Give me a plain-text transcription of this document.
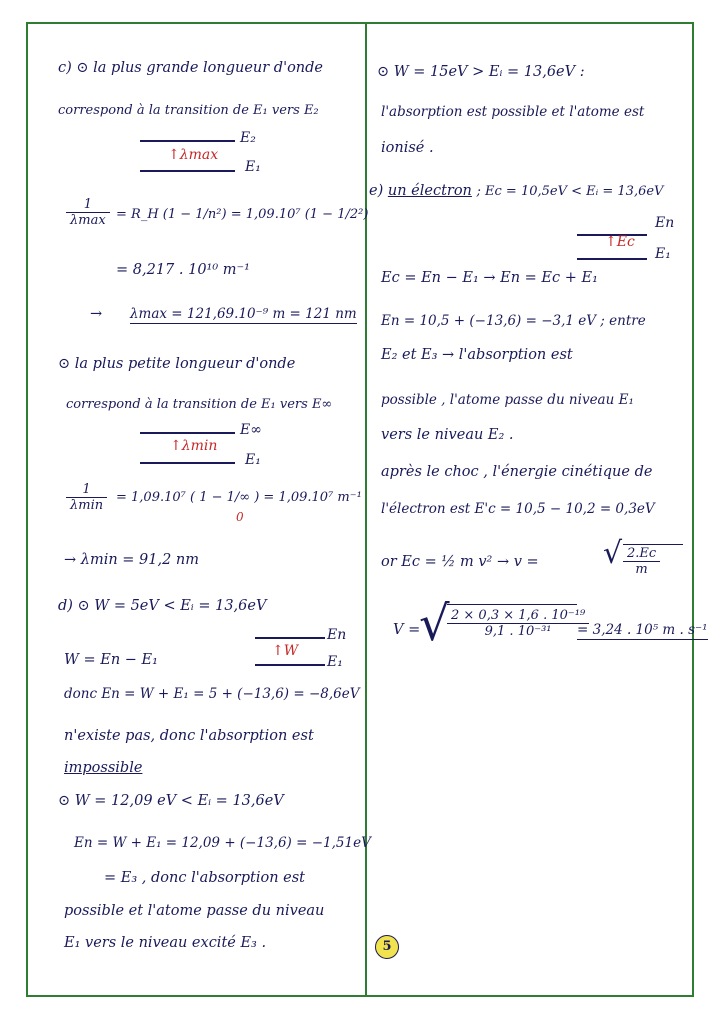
c) ⊙ la plus grande longueur d'onde
correspond à la transition de E₁ vers E₂
E₂
↑λmax
E₁
1
λmax = R_H (1 − 1/n²) = 1,09.10⁷ (1 − 1/2²)
= 8,217 . 10¹⁰ m⁻¹
→ λmax = 121,69.10⁻⁹ m = 121 nm
⊙ la plus petite longueur d'onde
correspond à la transition de E₁ vers E∞
E∞
↑λmin
E₁
1
λmin
= 1,09.10⁷ ( 1 − 1/∞ ) = 1,09.10⁷ m⁻¹
0
→ λmin = 91,2 nm
d) ⊙ W = 5eV < Eᵢ = 13,6eV
En
↑W
E₁
W = En − E₁
donc En = W + E₁ = 5 + (−13,6) = −8,6eV
n'existe pas, donc l'absorption est
impossible
⊙ W = 12,09 eV < Eᵢ = 13,6eV
En = W + E₁ = 12,09 + (−13,6) = −1,51eV
= E₃ , donc l'absorption est
possible et l'atome passe du niveau
E₁ vers le niveau excité E₃ .
⊙ W = 15eV > Eᵢ = 13,6eV :
l'absorption est possible et l'atome est
ionisé .
e) un électron ; Ec = 10,5eV < Eᵢ = 13,6eV
En
↑Ec
E₁
Ec = En − E₁ → En = Ec + E₁
En = 10,5 + (−13,6) = −3,1 eV ; entre
E₂ et E₃ → l'absorption est
possible , l'atome passe du niveau E₁
vers le niveau E₂ .
après le choc , l'énergie cinétique de
l'électron est E'c = 10,5 − 10,2 = 0,3eV
or Ec = ½ m v² → v = √ $\frac{2.Ec}{m}$
V =
√
$\frac{\text{2 × 0,3 × 1,6 . 10⁻¹⁹}}{\text{9,1 . 10⁻³¹}}$
= 3,24 . 10⁵ m . s⁻¹
5
